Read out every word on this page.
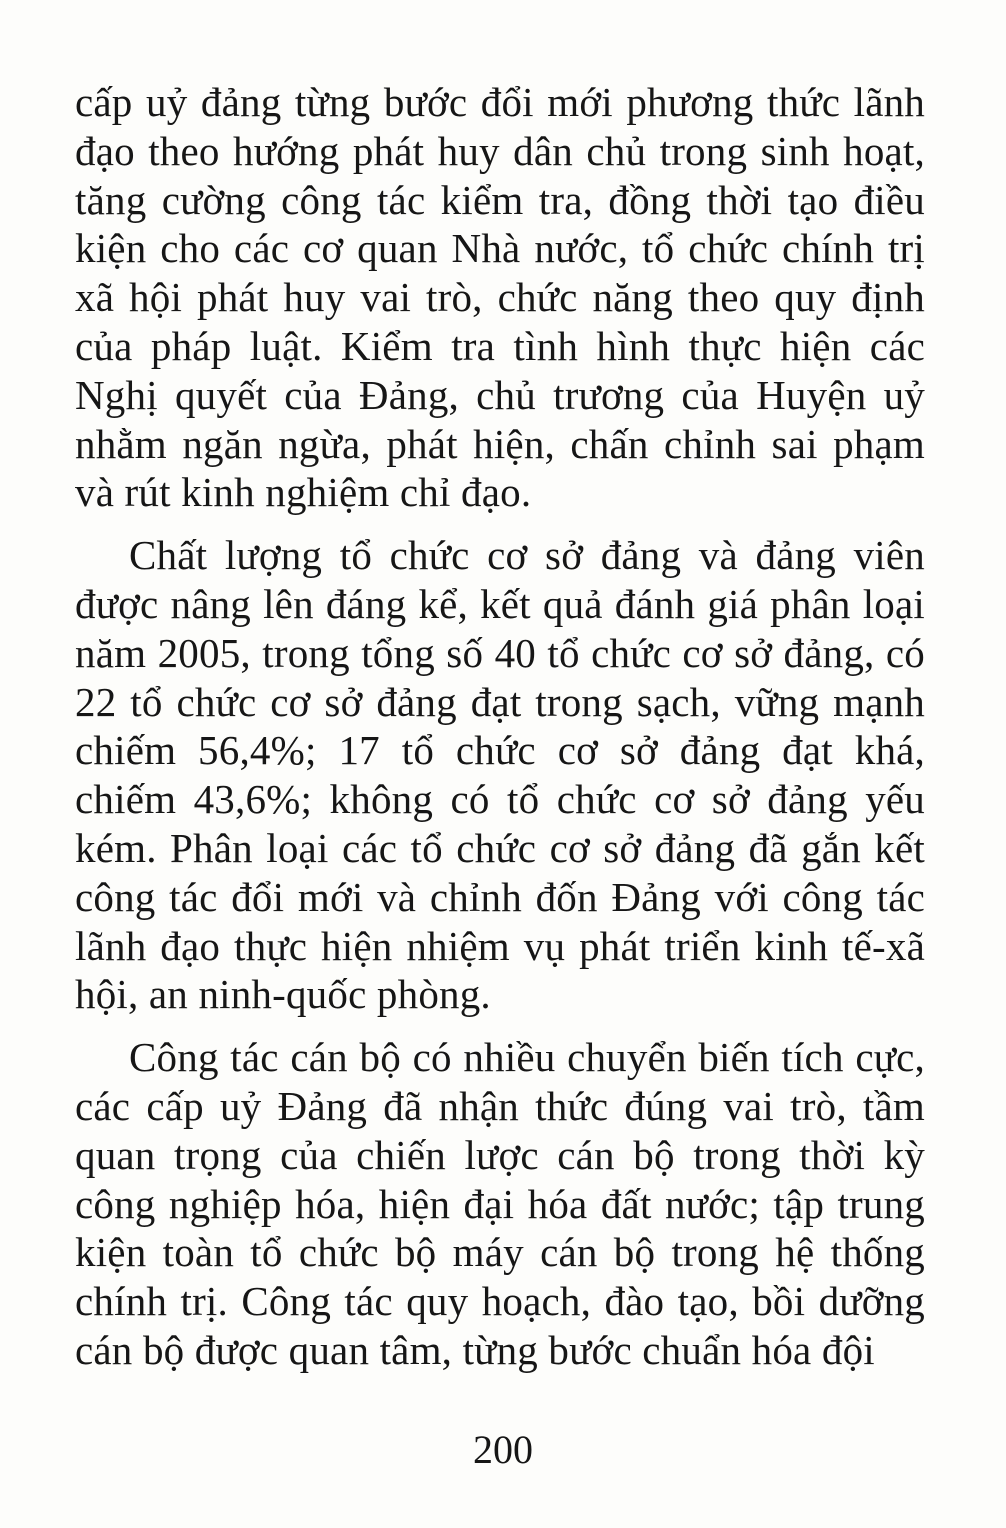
cấp uỷ đảng từng bước đổi mới phương thức lãnh đạo theo hướng phát huy dân chủ trong sinh hoạt, tăng cường công tác kiểm tra, đồng thời tạo điều kiện cho các cơ quan Nhà nước, tổ chức chính trị xã hội phát huy vai trò, chức năng theo quy định của pháp luật. Kiểm tra tình hình thực hiện các Nghị quyết của Đảng, chủ trương của Huyện uỷ nhằm ngăn ngừa, phát hiện, chấn chỉnh sai phạm và rút kinh nghiệm chỉ đạo.

Chất lượng tổ chức cơ sở đảng và đảng viên được nâng lên đáng kể, kết quả đánh giá phân loại năm 2005, trong tổng số 40 tổ chức cơ sở đảng, có 22 tổ chức cơ sở đảng đạt trong sạch, vững mạnh chiếm 56,4%; 17 tổ chức cơ sở đảng đạt khá, chiếm 43,6%; không có tổ chức cơ sở đảng yếu kém. Phân loại các tổ chức cơ sở đảng đã gắn kết công tác đổi mới và chỉnh đốn Đảng với công tác lãnh đạo thực hiện nhiệm vụ phát triển kinh tế-xã hội, an ninh-quốc phòng.

Công tác cán bộ có nhiều chuyển biến tích cực, các cấp uỷ Đảng đã nhận thức đúng vai trò, tầm quan trọng của chiến lược cán bộ trong thời kỳ công nghiệp hóa, hiện đại hóa đất nước; tập trung kiện toàn tổ chức bộ máy cán bộ trong hệ thống chính trị. Công tác quy hoạch, đào tạo, bồi dưỡng cán bộ được quan tâm, từng bước chuẩn hóa đội

200
